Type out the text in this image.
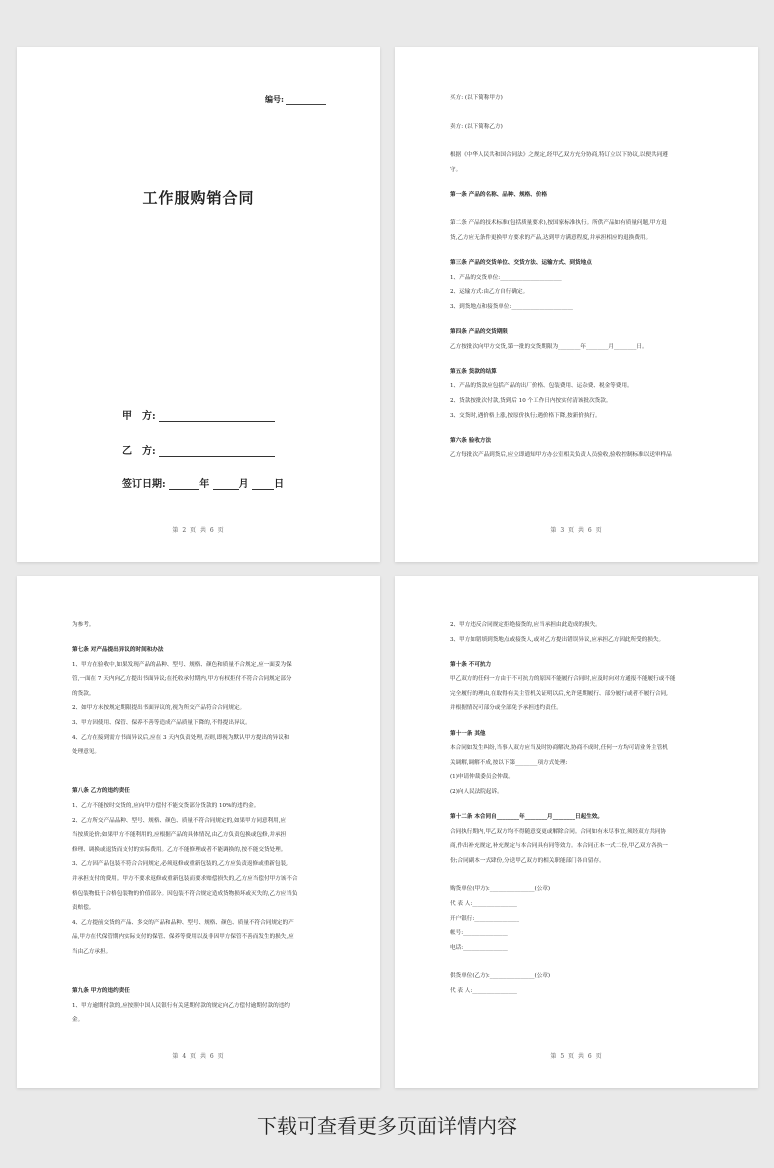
编号:
工作服购销合同
甲　方:
乙　方:
签订日期:	年	月	日
第 2 页 共 6 页

买方: (以下简称甲方)

卖方: (以下简称乙方)

根据《中华人民共和国合同法》之规定,经甲乙双方充分协商,特订立以下协议,以便共同遵

守。

第一条 产品的名称、品种、规格、价格

第二条 产品的技术标准(包括质量要求),按国家标准执行。所供产品如有质量问题,甲方退

货,乙方应无条件更换甲方要求的产品,达到甲方满意程度,并承担相应的退换费用。

第三条 产品的交货单位、交货方法、运输方式、到货地点

1、产品的交货单位:______________________

2、运输方式:由乙方自行确定。

3、到货地点和接货单位:______________________

第四条 产品的交货期限

乙方按批次向甲方交货,第一批的交货期限为________年________月________日。

第五条 货款的结算

1、产品的货款应包括产品的出厂价格、包装费用、运杂费、税金等费用。

2、货款按批次付款,货到后 10 个工作日内按实付清该批次货款。

3、交货时,遇价格上涨,按原价执行;遇价格下降,按新价执行。

第六条 验收方法

乙方每批次产品到货后,应立即通知甲方办公室相关负责人员验收,验收控制标准以送审样品

第 3 页 共 6 页

为参考。

第七条 对产品提出异议的时间和办法

1、甲方在验收中,如果发现产品的品种、型号、规格、颜色和质量不合规定,应一面妥为保

管,一面在 7 天内向乙方提出书面异议;在托收承付期内,甲方有权拒付不符合合同规定部分

的货款。

2、如甲方未按规定期限提出书面异议的,视为所交产品符合合同规定。

3、甲方因使用、保管、保养不善等造成产品质量下降的,不得提出异议。

4、乙方在接到需方书面异议后,应在 3 天内负责处理,否则,即视为默认甲方提出的异议和

处理意见。

第八条 乙方的违约责任

1、乙方不能按时交货的,应向甲方偿付不能交货部分货款的 10%的违约金。

2、乙方所交产品品种、型号、规格、颜色、质量不符合同规定的,如果甲方同意利用,应

当按质论价;如果甲方不能利用的,应根据产品的具体情况,由乙方负责包换或包修,并承担

修理、调换或退货而支付的实际费用。乙方不能修理或者不能调换的,按不能交货处理。

3、乙方因产品包装不符合合同规定,必须返修或重新包装的,乙方应负责返修或重新包装,

并承担支付的费用。甲方不要求返修或重新包装而要求赔偿损失的,乙方应当偿付甲方该不合

格包装物低于合格包装物的价值部分。因包装不符合规定造成货物损坏或灭失的,乙方应当负

责赔偿。

4、乙方提前交货的产品、多交的产品和品种、型号、规格、颜色、质量不符合同规定的产

品,甲方在代保管期内实际支付的保管、保养等费用以及非因甲方保管不善而发生的损失,应

当由乙方承担。

第九条 甲方的违约责任

1、甲方逾期付款的,应按照中国人民银行有关延期付款的规定向乙方偿付逾期付款的违约

金。

第 4 页 共 6 页

2、甲方违反合同规定拒绝接货的,应当承担由此造成的损失。

3、甲方如错填到货地点或接货人,或对乙方提出错误异议,应承担乙方因此所受的损失。

第十条 不可抗力

甲乙双方的任何一方由于不可抗力的原因不能履行合同时,应及时向对方通报不能履行或不能

完全履行的理由,在取得有关主管机关证明以后,允许延期履行、部分履行或者不履行合同,

并根据情况可部分或全部免予承担违约责任。

第十一条 其他

本合同如发生纠纷,当事人双方应当及时协商解决,协商不成时,任何一方均可请业务主管机

关调解,调解不成,按以下第________项方式处理:

(1)申请仲裁委员会仲裁。

(2)向人民法院起诉。

第十二条 本合同自________年________月________日起生效。

合同执行期内,甲乙双方均不得随意变更或解除合同。合同如有未尽事宜,须经双方共同协

商,作出补充规定,补充规定与本合同具有同等效力。本合同正本一式二份,甲乙双方各执一

份;合同副本一式肆份,分送甲乙双方的相关职能部门各自留存。

购货单位(甲方):________________(公章)

代 表 人:________________

开户银行:________________

帐号:________________

电话:________________

供货单位(乙方):________________(公章)

代 表 人:________________

第 5 页 共 6 页
下载可查看更多页面详情内容
